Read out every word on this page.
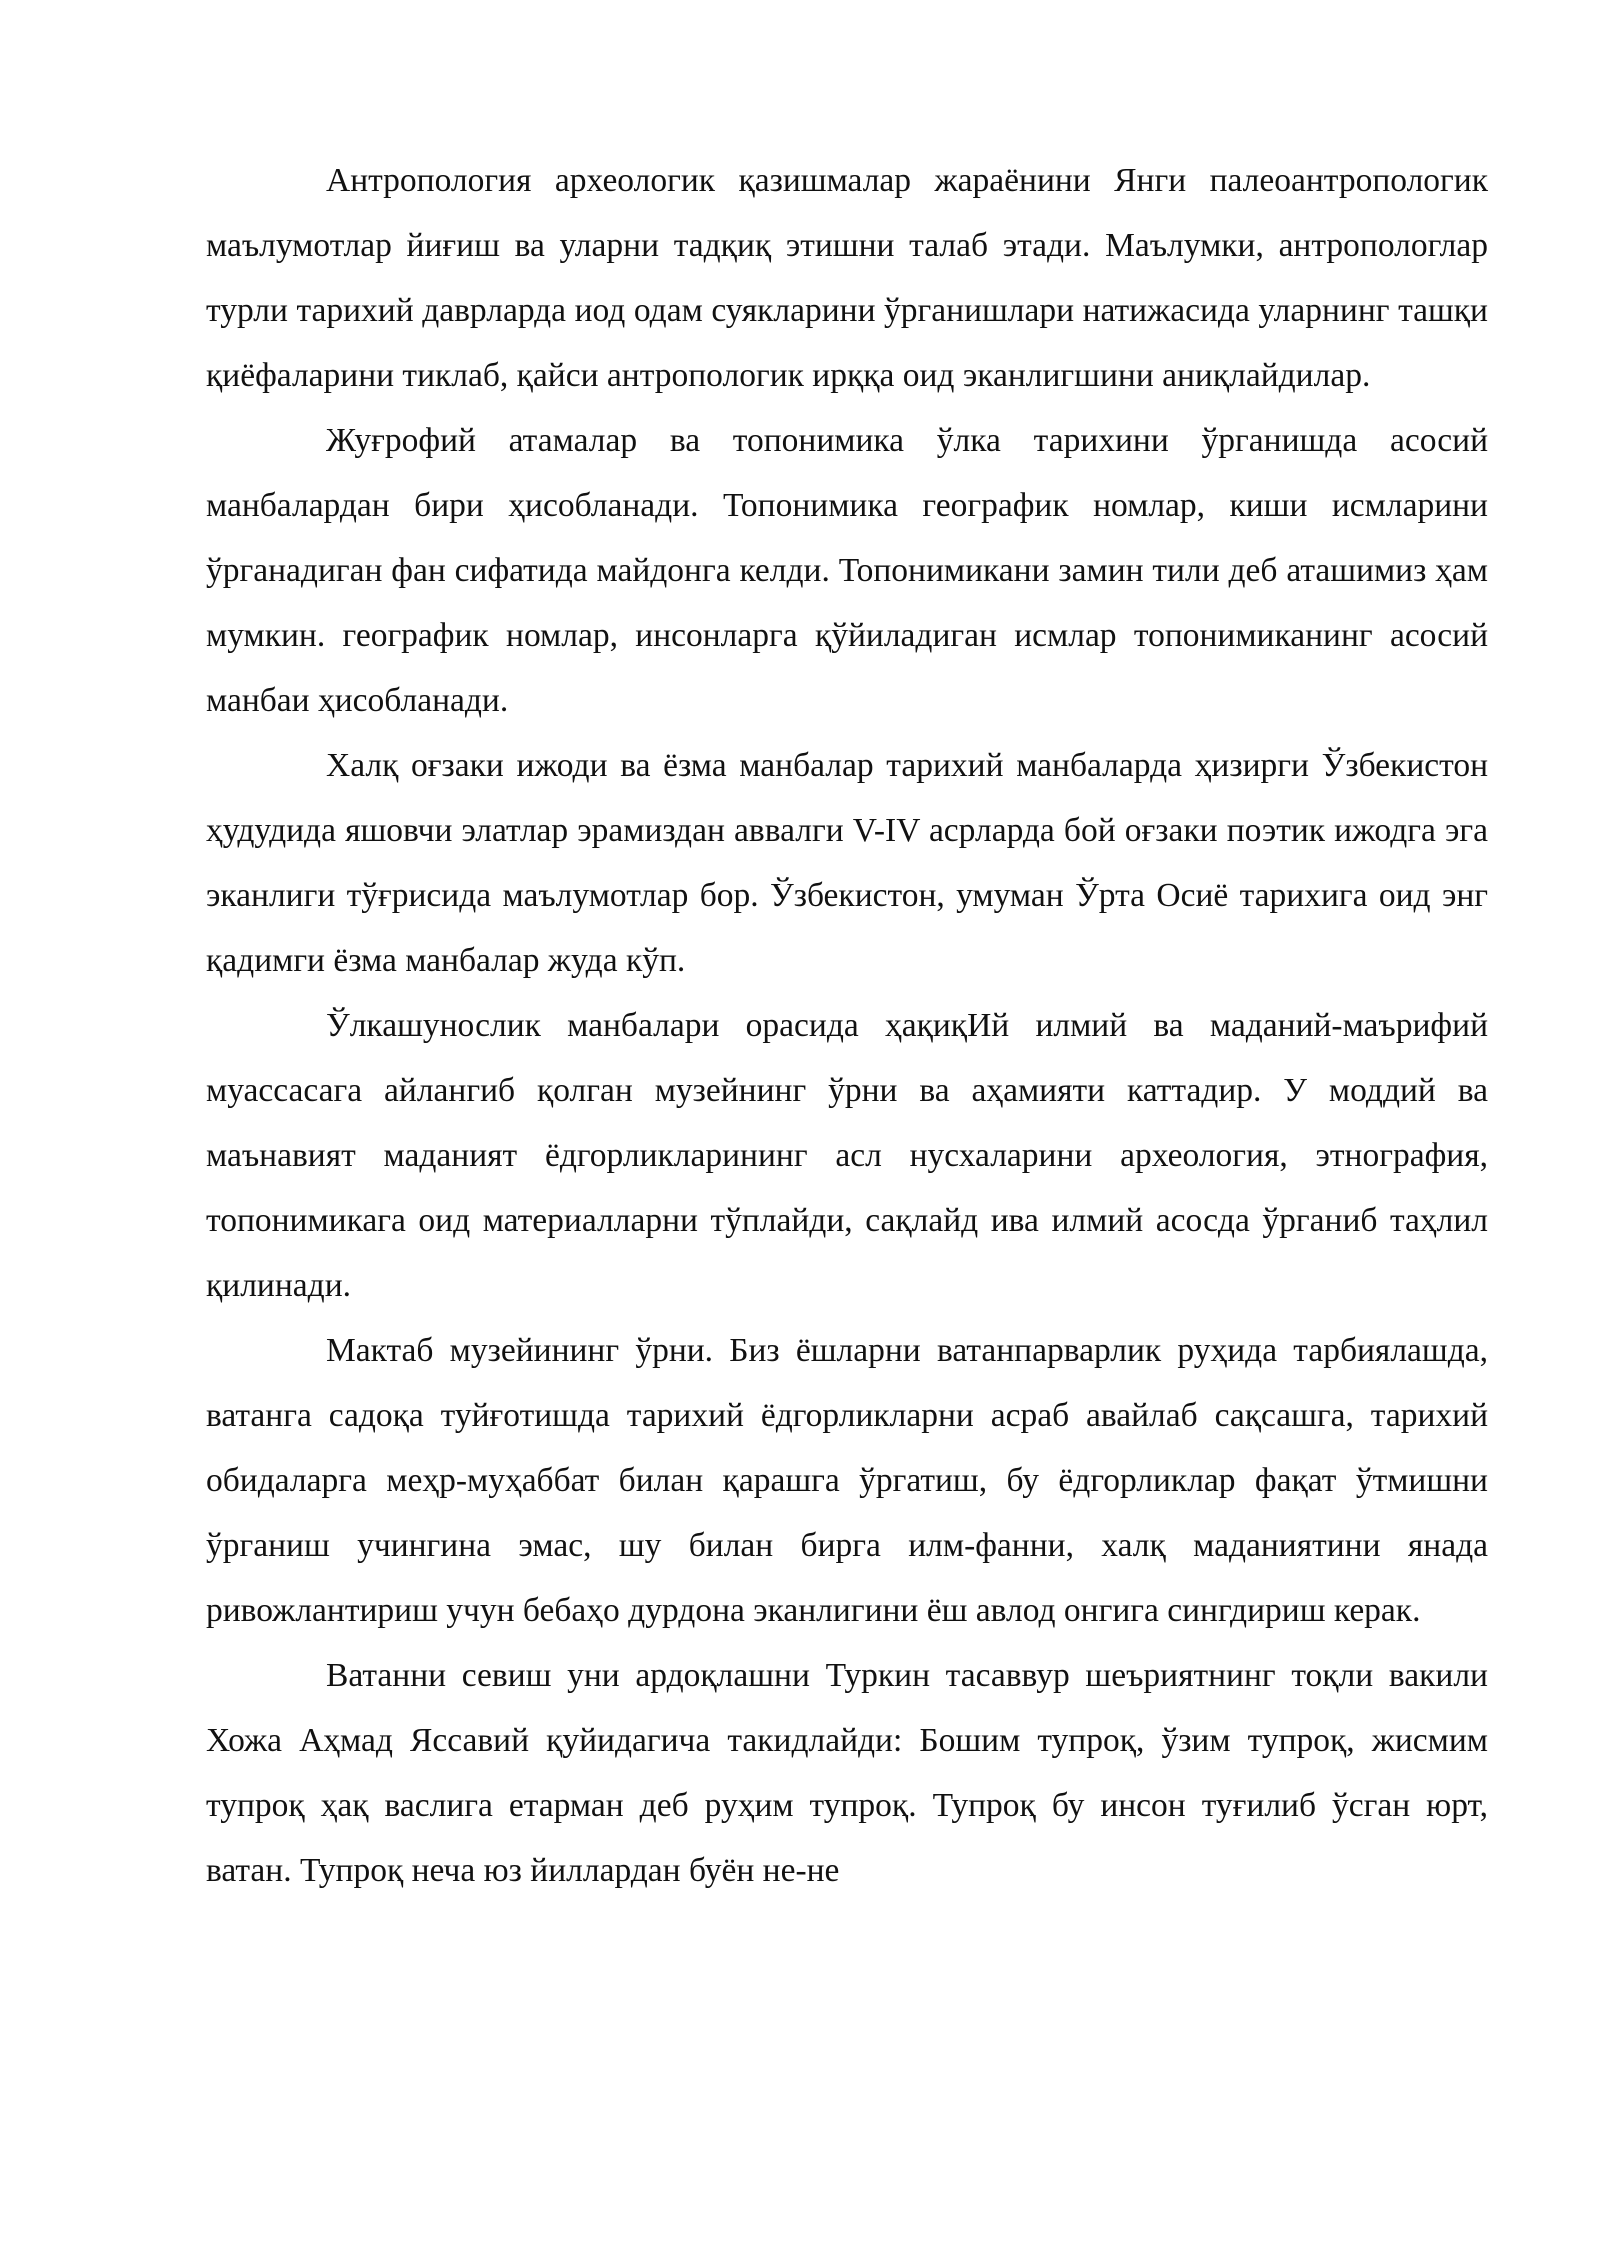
Антропология археологик қазишмалар жараёнини Янги палеоантропологик маълумотлар йиғиш ва уларни тадқиқ этишни талаб этади. Маълумки, антропологлар турли тарихий даврларда иод одам суякларини ўрганишлари натижасида уларнинг ташқи қиёфаларини тиклаб, қайси антропологик ирққа оид эканлигшини аниқлайдилар.

Жуғрофий атамалар ва топонимика ўлка тарихини ўрганишда асосий манбалардан бири ҳисобланади. Топонимика географик номлар, киши исмларини ўрганадиган фан сифатида майдонга келди. Топонимикани замин тили деб аташимиз ҳам мумкин. географик номлар, инсонларга қўйиладиган исмлар топонимиканинг асосий манбаи ҳисобланади.

Халқ оғзаки ижоди ва ёзма манбалар тарихий манбаларда ҳизирги Ўзбекистон ҳудудида яшовчи элатлар эрамиздан аввалги V-IV асрларда бой оғзаки поэтик ижодга эга эканлиги тўғрисида маълумотлар бор. Ўзбекистон, умуман Ўрта Осиё тарихига оид энг қадимги ёзма манбалар жуда кўп.

Ўлкашунослик манбалари орасида ҳақиқИй илмий ва маданий-маърифий муассасага айлангиб қолган музейнинг ўрни ва аҳамияти каттадир. У моддий ва маънавият маданият ёдгорликларининг асл нусхаларини археология, этнография, топонимикага оид материалларни тўплайди, сақлайд ива илмий асосда ўрганиб таҳлил қилинади.

Мактаб музейининг ўрни. Биз ёшларни ватанпарварлик руҳида тарбиялашда, ватанга садоқа туйғотишда тарихий ёдгорликларни асраб авайлаб сақсашга, тарихий обидаларга меҳр-муҳаббат билан қарашга ўргатиш, бу ёдгорликлар фақат ўтмишни ўрганиш учингина эмас, шу билан бирга илм-фанни, халқ маданиятини янада ривожлантириш учун бебаҳо дурдона эканлигини ёш авлод онгига сингдириш керак.

Ватанни севиш уни ардоқлашни Туркин тасаввур шеъриятнинг тоқли вакили Хожа Аҳмад Яссавий қуйидагича такидлайди: Бошим тупроқ, ўзим тупроқ, жисмим тупроқ ҳақ васлига етарман деб руҳим тупроқ. Тупроқ бу инсон туғилиб ўсган юрт, ватан. Тупроқ неча юз йиллардан буён не-не
